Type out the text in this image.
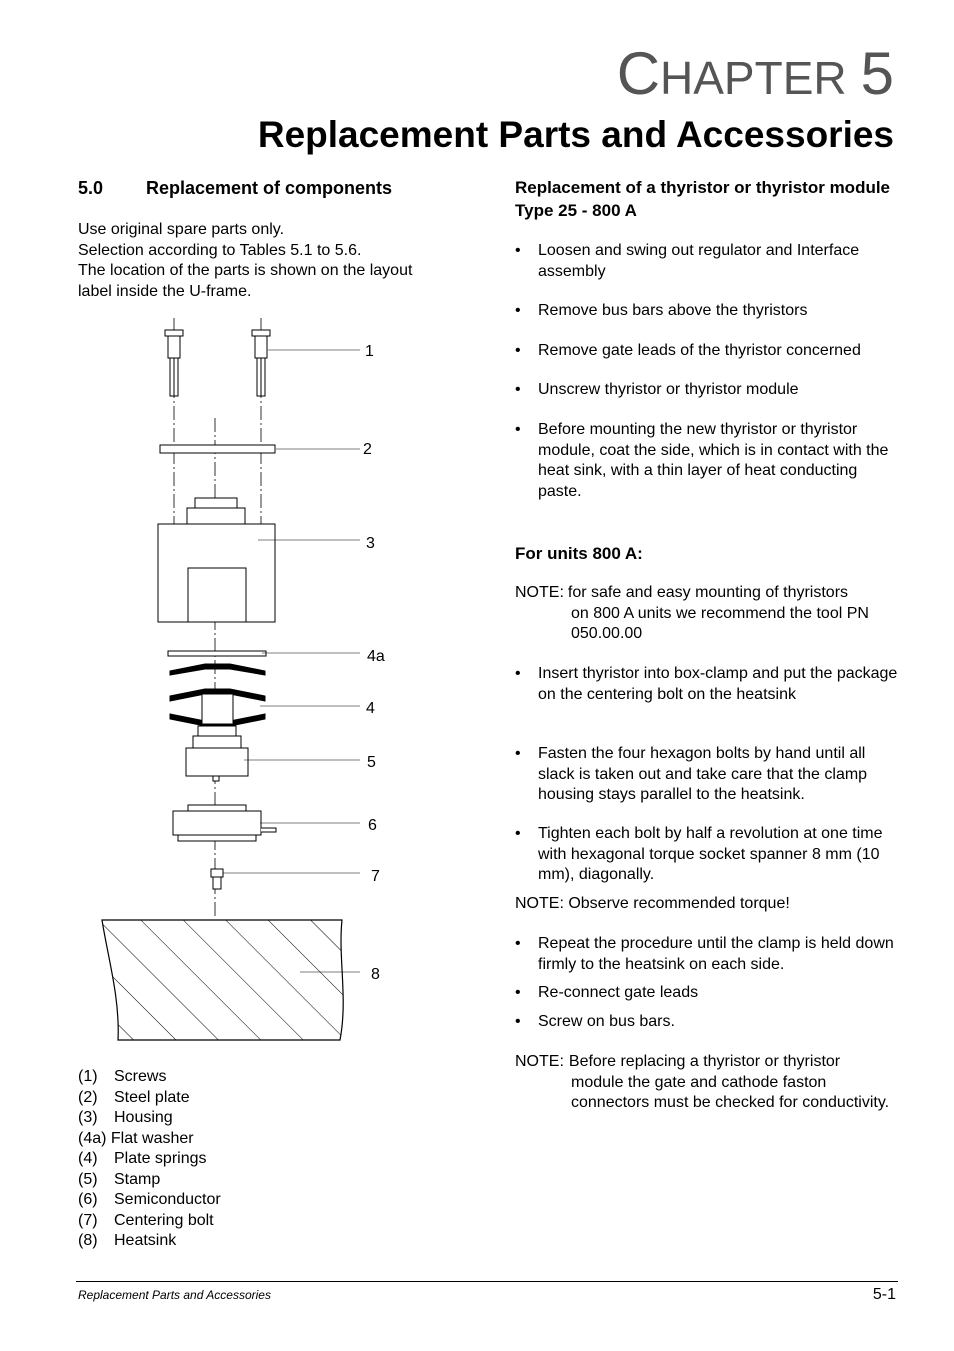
CHAPTER 5
Replacement Parts and Accessories
5.0 Replacement of components
Use original spare parts only.
Selection according to Tables 5.1 to 5.6.
The location of the parts is shown on the layout
label inside the U-frame.
1
2
3
4a
4
5
6
7
8
(1) Screws
(2) Steel plate
(3) Housing
(4a) Flat washer
(4) Plate springs
(5) Stamp
(6) Semiconductor
(7) Centering bolt
(8) Heatsink
Replacement of a thyristor or thyristor module Type 25 - 800 A
• Loosen and swing out regulator and Interface assembly
• Remove bus bars above the thyristors
• Remove gate leads of the thyristor concerned
• Unscrew thyristor or thyristor module
• Before mounting the new thyristor or thyristor module, coat the side, which is in contact with the heat sink, with a thin layer of heat conducting paste.
For units 800 A:
NOTE: for safe and easy mounting of thyristors
on 800 A units we recommend the tool PN 050.00.00
• Insert thyristor into box-clamp and put the package on the centering bolt on the heatsink
• Fasten the four hexagon bolts by hand until all slack is taken out and take care that the clamp housing stays parallel to the heatsink.
• Tighten each bolt by half a revolution at one time with hexagonal torque socket spanner 8 mm (10 mm), diagonally.
NOTE: Observe recommended torque!
• Repeat the procedure until the clamp is held down firmly to the heatsink on each side.
• Re-connect gate leads
• Screw on bus bars.
NOTE: Before replacing a thyristor or thyristor
module the gate and cathode faston connectors must be checked for conductivity.
Replacement Parts and Accessories	5-1
